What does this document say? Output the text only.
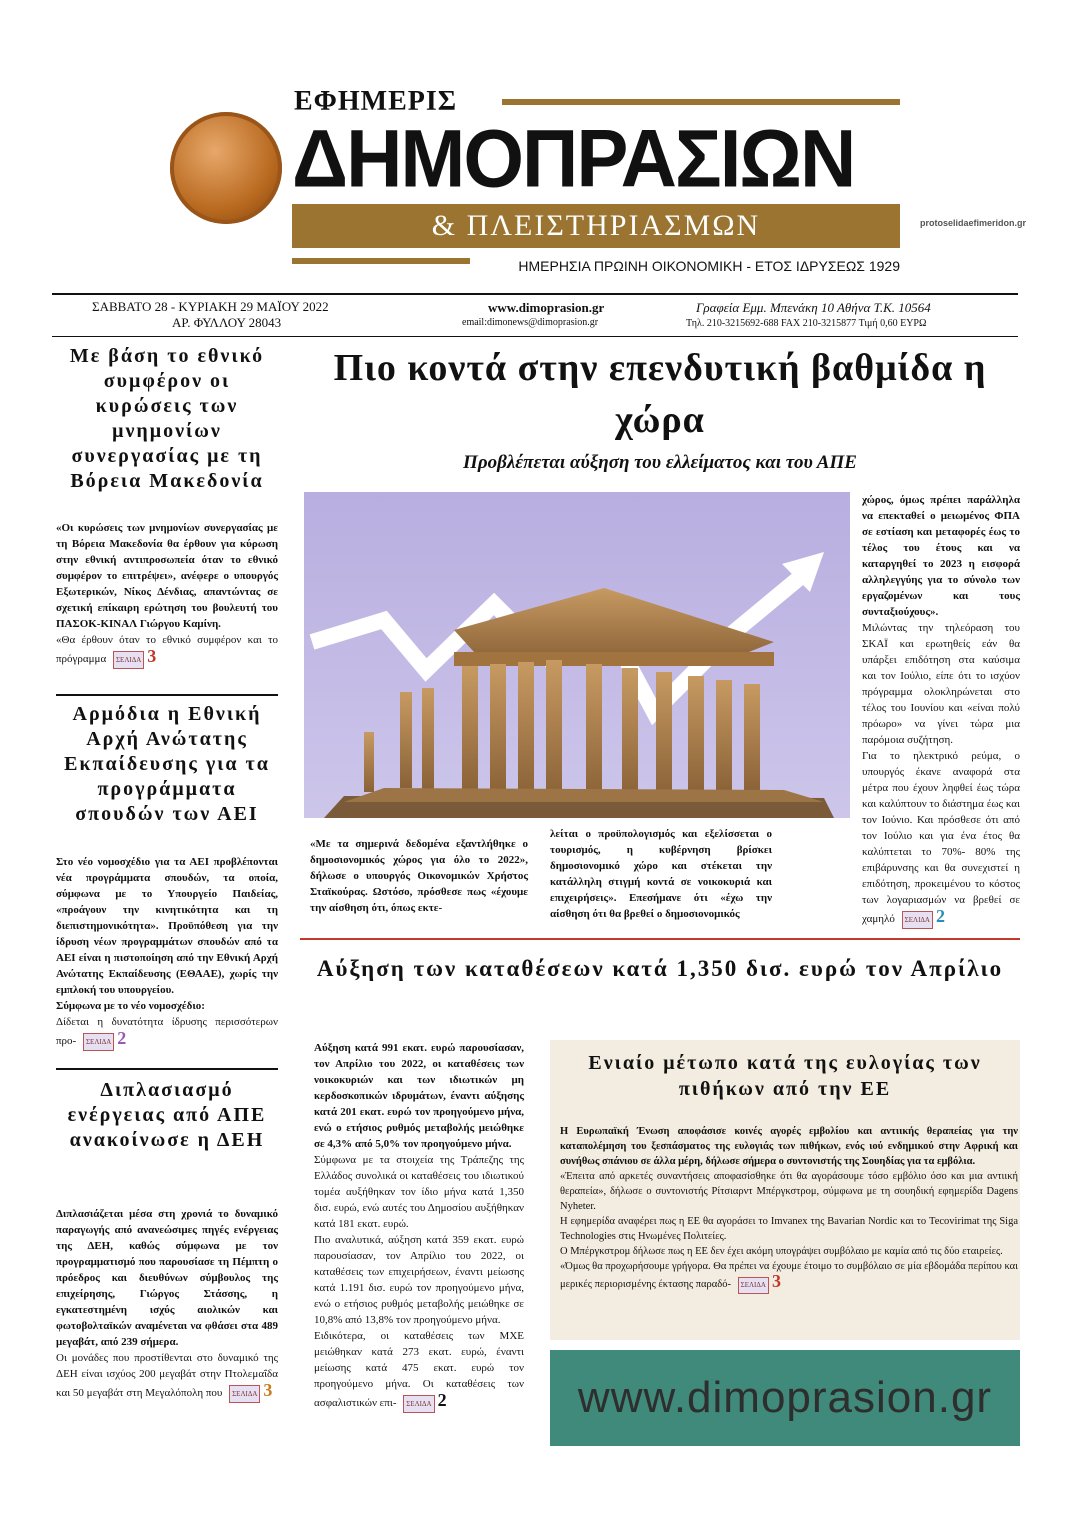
ΕΦΗΜΕΡΙΣ
ΔΗΜΟΠΡΑΣΙΩΝ
& ΠΛΕΙΣΤΗΡΙΑΣΜΩΝ
ΗΜΕΡΗΣΙΑ ΠΡΩΙΝΗ ΟΙΚΟΝΟΜΙΚΗ - ΕΤΟΣ ΙΔΡΥΣΕΩΣ 1929
protoselidaefimeridon.gr
ΣΑΒΒΑΤΟ 28 - ΚΥΡΙΑΚΗ 29 ΜΑΪΟΥ 2022
ΑΡ. ΦΥΛΛΟΥ 28043
www.dimoprasion.gr
email:dimonews@dimoprasion.gr
Γραφεία Εμμ. Μπενάκη 10 Αθήνα Τ.Κ. 10564
Τηλ. 210-3215692-688 FAX 210-3215877 Τιμή 0,60 ΕΥΡΩ
Με βάση το εθνικό συμφέρον οι κυρώσεις των μνημονίων συνεργασίας με τη Βόρεια Μακεδονία
«Οι κυρώσεις των μνημονίων συνεργασίας με τη Βόρεια Μακεδονία θα έρθουν για κύρωση στην εθνική αντιπροσωπεία όταν το εθνικό συμφέρον το επιτρέψει», ανέφερε ο υπουργός Εξωτερικών, Νίκος Δένδιας, απαντώντας σε σχετική επίκαιρη ερώτηση του βουλευτή του ΠΑΣΟΚ-ΚΙΝΑΛ Γιώργου Καμίνη.
«Θα έρθουν όταν το εθνικό συμφέρον και το πρόγραμμα ΣΕΛΙΔΑ 3
Αρμόδια η Εθνική Αρχή Ανώτατης Εκπαίδευσης για τα προγράμματα σπουδών των ΑΕΙ
Στο νέο νομοσχέδιο για τα ΑΕΙ προβλέπονται νέα προγράμματα σπουδών, τα οποία, σύμφωνα με το Υπουργείο Παιδείας, «προάγουν την κινητικότητα και τη διεπιστημονικότητα». Προϋπόθεση για την ίδρυση νέων προγραμμάτων σπουδών από τα ΑΕΙ είναι η πιστοποίηση από την Εθνική Αρχή Ανώτατης Εκπαίδευσης (ΕΘΑΑΕ), χωρίς την εμπλοκή του υπουργείου.
Σύμφωνα με το νέο νομοσχέδιο:
Δίδεται η δυνατότητα ίδρυσης περισσότερων προ- ΣΕΛΙΔΑ 2
Διπλασιασμό ενέργειας από ΑΠΕ ανακοίνωσε η ΔΕΗ
Διπλασιάζεται μέσα στη χρονιά το δυναμικό παραγωγής από ανανεώσιμες πηγές ενέργειας της ΔΕΗ, καθώς σύμφωνα με τον προγραμματισμό που παρουσίασε τη Πέμπτη ο πρόεδρος και διευθύνων σύμβουλος της επιχείρησης, Γιώργος Στάσσης, η εγκατεστημένη ισχύς αιολικών και φωτοβολταϊκών αναμένεται να φθάσει στα 489 μεγαβάτ, από 239 σήμερα.
Οι μονάδες που προστίθενται στο δυναμικό της ΔΕΗ είναι ισχύος 200 μεγαβάτ στην Πτολεμαΐδα και 50 μεγαβάτ στη Μεγαλόπολη που ΣΕΛΙΔΑ 3
Πιο κοντά στην επενδυτική βαθμίδα η χώρα
Προβλέπεται αύξηση του ελλείματος και του ΑΠΕ
χώρος, όμως πρέπει παράλληλα να επεκταθεί ο μειωμένος ΦΠΑ σε εστίαση και μεταφορές έως το τέλος του έτους και να καταργηθεί το 2023 η εισφορά αλληλεγγύης για το σύνολο των εργαζομένων και τους συνταξιούχους».
Μιλώντας την τηλεόραση του ΣΚΑΪ και ερωτηθείς εάν θα υπάρξει επιδότηση στα καύσιμα και τον Ιούλιο, είπε ότι το ισχύον πρόγραμμα ολοκληρώνεται στο τέλος του Ιουνίου και «είναι πολύ πρόωρο» να γίνει τώρα μια παρόμοια συζήτηση.
Για το ηλεκτρικό ρεύμα, ο υπουργός έκανε αναφορά στα μέτρα που έχουν ληφθεί έως τώρα και καλύπτουν το διάστημα έως και τον Ιούνιο. Και πρόσθεσε ότι από τον Ιούλιο και για ένα έτος θα καλύπτεται το 70%- 80% της επιβάρυνσης και θα συνεχιστεί η επιδότηση, προκειμένου το κόστος των λογαριασμών να βρεθεί σε χαμηλό ΣΕΛΙΔΑ 2
«Με τα σημερινά δεδομένα εξαντλήθηκε ο δημοσιονομικός χώρος για όλο το 2022», δήλωσε ο υπουργός Οικονομικών Χρήστος Σταϊκούρας. Ωστόσο, πρόσθεσε πως «έχουμε την αίσθηση ότι, όπως εκτε-
λείται ο προϋπολογισμός και εξελίσσεται ο τουρισμός, η κυβέρνηση βρίσκει δημοσιονομικό χώρο και στέκεται την κατάλληλη στιγμή κοντά σε νοικοκυριά και επιχειρήσεις». Επεσήμανε ότι «έχω την αίσθηση ότι θα βρεθεί ο δημοσιονομικός
Αύξηση των καταθέσεων κατά 1,350 δισ. ευρώ τον Απρίλιο
Αύξηση κατά 991 εκατ. ευρώ παρουσίασαν, τον Απρίλιο του 2022, οι καταθέσεις των νοικοκυριών και των ιδιωτικών μη κερδοσκοπικών ιδρυμάτων, έναντι αύξησης κατά 201 εκατ. ευρώ τον προηγούμενο μήνα, ενώ ο ετήσιος ρυθμός μεταβολής μειώθηκε σε 4,3% από 5,0% τον προηγούμενο μήνα.
Σύμφωνα με τα στοιχεία της Τράπεζης της Ελλάδος συνολικά οι καταθέσεις του ιδιωτικού τομέα αυξήθηκαν τον ίδιο μήνα κατά 1,350 δισ. ευρώ, ενώ αυτές του Δημοσίου αυξήθηκαν κατά 181 εκατ. ευρώ.
Πιο αναλυτικά, αύξηση κατά 359 εκατ. ευρώ παρουσίασαν, τον Απρίλιο του 2022, οι καταθέσεις των επιχειρήσεων, έναντι μείωσης κατά 1.191 δισ. ευρώ τον προηγούμενο μήνα, ενώ ο ετήσιος ρυθμός μεταβολής μειώθηκε σε 10,8% από 13,8% τον προηγούμενο μήνα.
Ειδικότερα, οι καταθέσεις των ΜΧΕ μειώθηκαν κατά 273 εκατ. ευρώ, έναντι μείωσης κατά 475 εκατ. ευρώ τον προηγούμενο μήνα. Οι καταθέσεις των ασφαλιστικών επι- ΣΕΛΙΔΑ 2
Ενιαίο μέτωπο κατά της ευλογίας των πιθήκων από την ΕΕ
Η Ευρωπαϊκή Ένωση αποφάσισε κοινές αγορές εμβολίου και αντιικής θεραπείας για την καταπολέμηση του ξεσπάσματος της ευλογιάς των πιθήκων, ενός ιού ενδημικού στην Αφρική και συνήθως σπάνιου σε άλλα μέρη, δήλωσε σήμερα ο συντονιστής της Σουηδίας για τα εμβόλια.
«Έπειτα από αρκετές συναντήσεις αποφασίσθηκε ότι θα αγοράσουμε τόσο εμβόλιο όσο και μια αντιική θεραπεία», δήλωσε ο συντονιστής Ρίτσιαρντ Μπέργκστρομ, σύμφωνα με τη σουηδική εφημερίδα Dagens Nyheter.
Η εφημερίδα αναφέρει πως η ΕΕ θα αγοράσει το Imvanex της Bavarian Nordic και το Tecovirimat της Siga Technologies στις Ηνωμένες Πολιτείες.
Ο Μπέργκστρομ δήλωσε πως η ΕΕ δεν έχει ακόμη υπογράψει συμβόλαιο με καμία από τις δύο εταιρείες.
«Όμως θα προχωρήσουμε γρήγορα. Θα πρέπει να έχουμε έτοιμο το συμβόλαιο σε μία εβδομάδα περίπου και μερικές περιορισμένης έκτασης παραδό- ΣΕΛΙΔΑ 3
www.dimoprasion.gr
